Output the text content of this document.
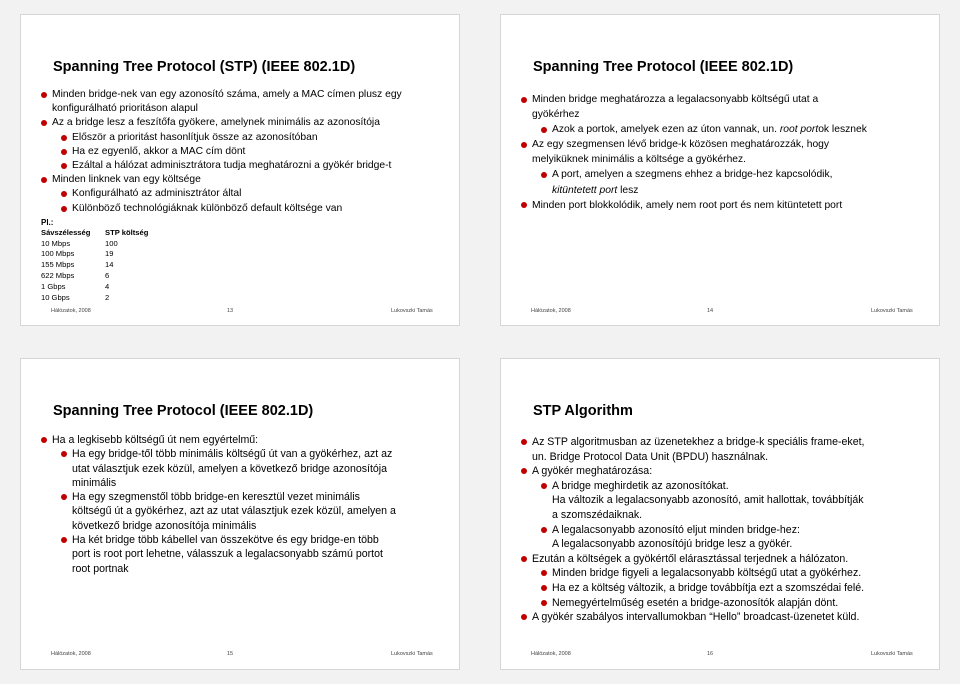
Spanning Tree Protocol (STP) (IEEE 802.1D)
Minden bridge-nek van egy azonosító száma, amely a MAC címen plusz egy
konfigurálható prioritáson alapul
Az a bridge lesz a feszítőfa gyökere, amelynek minimális az azonosítója
Először a prioritást hasonlítjuk össze az azonosítóban
Ha ez egyenlő, akkor a MAC cím dönt
Ezáltal a hálózat adminisztrátora tudja meghatározni a gyökér bridge-t
Minden linknek van egy költsége
Konfigurálható az adminisztrátor által
Különböző technológiáknak különböző default költsége van
Pl.:
Sávszélesség	STP költség
10 Mbps	100
100 Mbps	19
155 Mbps	14
622 Mbps	6
1 Gbps	4
10 Gbps	2
Hálózatok, 2008	13	Lukovszki Tamás
Spanning Tree Protocol (IEEE 802.1D)
Minden bridge meghatározza a legalacsonyabb költségű utat a
gyökérhez
Azok a portok, amelyek ezen az úton vannak, un. root portok lesznek
Az egy szegmensen lévő bridge-k közösen meghatározzák, hogy
melyiküknek minimális a költsége a gyökérhez.
A port, amelyen a szegmens ehhez a bridge-hez kapcsolódik,
kitüntetett port lesz
Minden port blokkolódik, amely nem root port és nem kitüntetett port
Hálózatok, 2008	14	Lukovszki Tamás
Spanning Tree Protocol (IEEE 802.1D)
Ha a legkisebb költségű út nem egyértelmű:
Ha egy bridge-től több minimális költségű út van a gyökérhez, azt az
utat választjuk ezek közül, amelyen a következő bridge azonosítója
minimális
Ha egy szegmenstől több bridge-en keresztül vezet minimális
költségű út a gyökérhez, azt az utat választjuk ezek közül, amelyen a
következő bridge azonosítója minimális
Ha két bridge több kábellel van összekötve és egy bridge-en több
port is root port lehetne, válasszuk a legalacsonyabb számú portot
root portnak
Hálózatok, 2008	15	Lukovszki Tamás
STP Algorithm
Az STP algoritmusban az üzenetekhez a bridge-k speciális frame-eket,
un. Bridge Protocol Data Unit (BPDU) használnak.
A gyökér meghatározása:
A bridge meghirdetik az azonosítókat.
Ha változik a legalacsonyabb azonosító, amit hallottak, továbbítják
a szomszédaiknak.
A legalacsonyabb azonosító eljut minden bridge-hez:
A legalacsonyabb azonosítójú bridge lesz a gyökér.
Ezután a költségek a gyökértől elárasztással terjednek a hálózaton.
Minden bridge figyeli a legalacsonyabb költségű utat a gyökérhez.
Ha ez a költség változik, a bridge továbbítja ezt a szomszédai felé.
Nemegyértelműség esetén a bridge-azonosítók alapján dönt.
A gyökér szabályos intervallumokban “Hello” broadcast-üzenetet küld.
Hálózatok, 2008	16	Lukovszki Tamás
